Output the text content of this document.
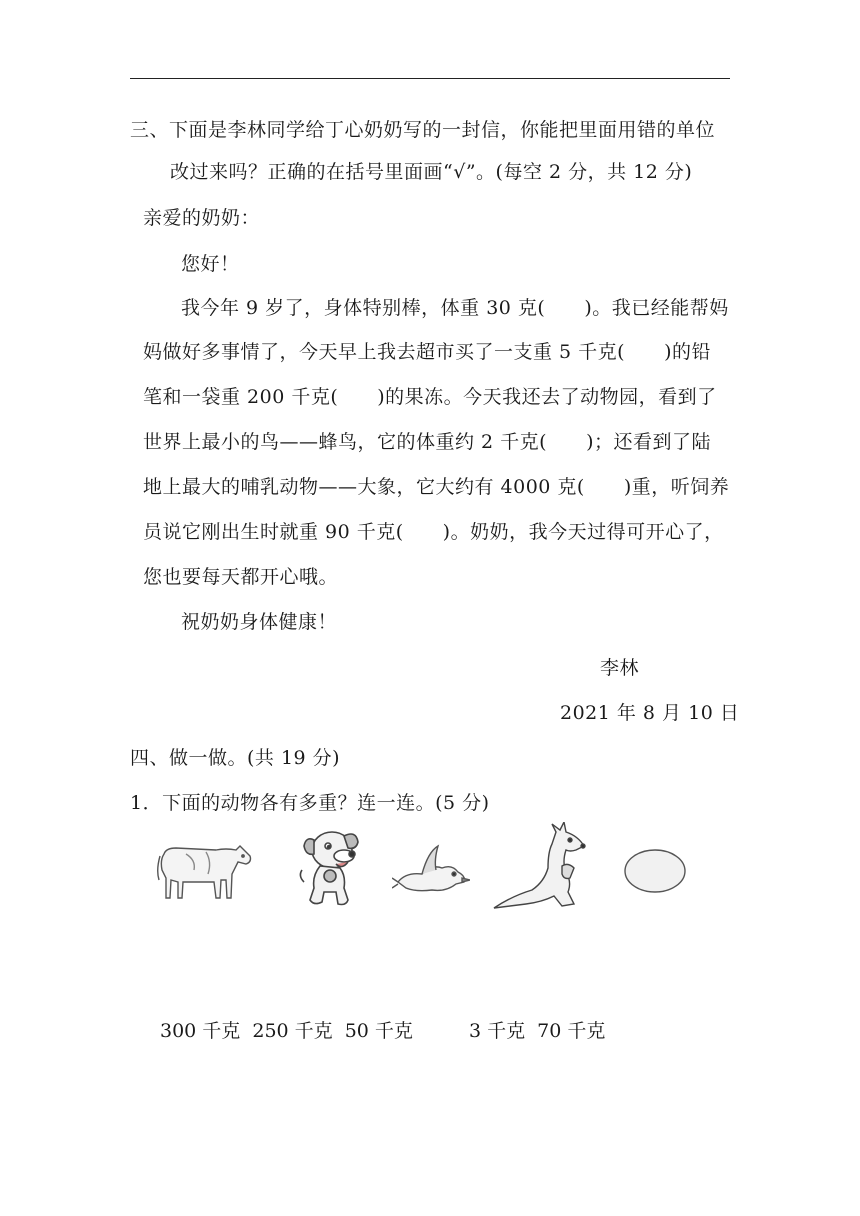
三、下面是李林同学给丁心奶奶写的一封信，你能把里面用错的单位
改过来吗？正确的在括号里面画“√”。(每空 2 分，共 12 分)
亲爱的奶奶：
您好！
我今年 9 岁了，身体特别棒，体重 30 克(　　)。我已经能帮妈
妈做好多事情了，今天早上我去超市买了一支重 5 千克(　　)的铅
笔和一袋重 200 千克(　　)的果冻。今天我还去了动物园，看到了
世界上最小的鸟——蜂鸟，它的体重约 2 千克(　　)；还看到了陆
地上最大的哺乳动物——大象，它大约有 4000 克(　　)重，听饲养
员说它刚出生时就重 90 千克(　　)。奶奶，我今天过得可开心了，
您也要每天都开心哦。
祝奶奶身体健康！
李林
2021 年 8 月 10 日
四、做一做。(共 19 分)
1．下面的动物各有多重？连一连。(5 分)
300 千克 250 千克 50 千克	3 千克 70 千克
